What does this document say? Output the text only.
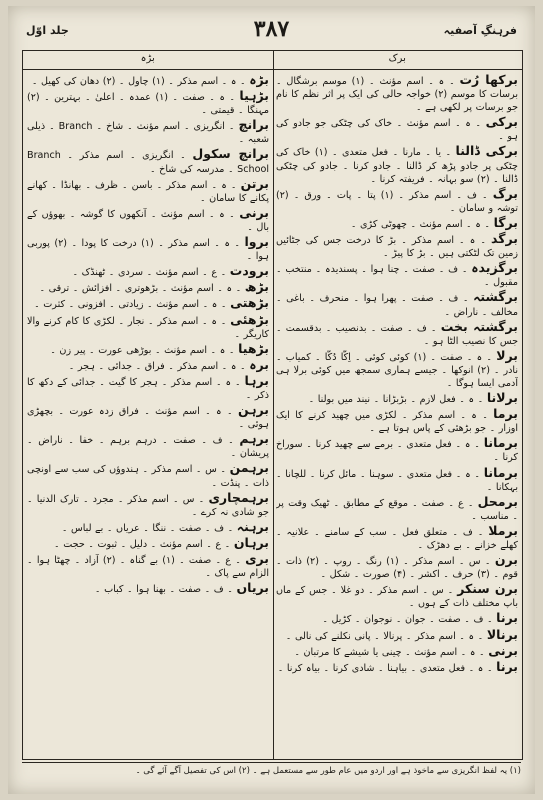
جلد اوّل	۳۸۷	فرہنگِ آصفیہ
برک
بڑہ

برکھا رُت ۔ ہ ۔ اسم مؤنث ۔ (۱) موسم برشگال ۔ برسات کا موسم (۲) خواجہ حالی کی ایک پر اثر نظم کا نام جو برسات پر لکھی ہے ۔

برکی ۔ ہ ۔ اسم مؤنث ۔ خاک کی چٹکی جو جادو کی ہو ۔

برکی ڈالنا ۔ یا ۔ مارنا ۔ فعل متعدی ۔ (۱) خاک کی چٹکی پر جادو پڑھ کر ڈالنا ۔ جادو کرنا ۔ جادو کی چٹکی ڈالنا ۔ (۲) سو بہانہ ۔ فریفتہ کرنا ۔

برگ ۔ ف ۔ اسم مذکر ۔ (۱) پتا ۔ پات ۔ ورق ۔ (۲) توشہ و سامان ۔

برگا ۔ ہ ۔ اسم مؤنث ۔ چھوٹی کڑی ۔

برگد ۔ ہ ۔ اسم مذکر ۔ بڑ کا درخت جس کی جٹائیں زمین تک لٹکتی ہیں ۔ بڑ کا پیڑ ۔

برگزیدہ ۔ ف ۔ صفت ۔ چنا ہوا ۔ پسندیدہ ۔ منتخب ۔ مقبول ۔

برگشتہ ۔ ف ۔ صفت ۔ پھرا ہوا ۔ منحرف ۔ باغی ۔ مخالف ۔ ناراض ۔

برگشتہ بخت ۔ ف ۔ صفت ۔ بدنصیب ۔ بدقسمت ۔ جس کا نصیب الٹا ہو ۔

برلا ۔ ہ ۔ صفت ۔ (۱) کوئی کوئی ۔ اِکّا دُکّا ۔ کمیاب ۔ نادر ۔ (۲) انوکھا ۔ جیسے ہماری سمجھ میں کوئی برلا ہی آدمی ایسا ہوگا ۔

برلانا ۔ ہ ۔ فعل لازم ۔ بڑبڑانا ۔ نیند میں بولنا ۔

برما ۔ ہ ۔ اسم مذکر ۔ لکڑی میں چھید کرنے کا ایک اوزار ۔ جو بڑھئی کے پاس ہوتا ہے ۔

برمانا ۔ ہ ۔ فعل متعدی ۔ برمے سے چھید کرنا ۔ سوراخ کرنا ۔

برمانا ۔ ہ ۔ فعل متعدی ۔ سوہنا ۔ مائل کرنا ۔ للچانا ۔ بہکانا ۔

برمحل ۔ ع ۔ صفت ۔ موقع کے مطابق ۔ ٹھیک وقت پر ۔ مناسب ۔

برملا ۔ ف ۔ متعلق فعل ۔ سب کے سامنے ۔ علانیہ ۔ کھلے خزانے ۔ بے دھڑک ۔

برن ۔ س ۔ اسم مذکر ۔ (۱) رنگ ۔ روپ ۔ (۲) ذات ۔ قوم ۔ (۳) حرف ۔ اکشر ۔ (۴) صورت ۔ شکل ۔

برن سنکر ۔ س ۔ اسم مذکر ۔ دو غلا ۔ جس کے ماں باپ مختلف ذات کے ہوں ۔

برنا ۔ ف ۔ صفت ۔ جوان ۔ نوجوان ۔ کڑیل ۔

برنالا ۔ ہ ۔ اسم مذکر ۔ پرنالا ۔ پانی نکلنے کی نالی ۔

برنی ۔ ہ ۔ اسم مؤنث ۔ چینی یا شیشے کا مرتبان ۔

برنا ۔ ہ ۔ فعل متعدی ۔ بیاہنا ۔ شادی کرنا ۔ بیاہ کرنا ۔

بڑہ ۔ ہ ۔ اسم مذکر ۔ (۱) چاول ۔ (۲) دھان کی کھیل ۔

بڑہیا ۔ ہ ۔ صفت ۔ (۱) عمدہ ۔ اعلیٰ ۔ بہترین ۔ (۲) مہنگا ۔ قیمتی ۔

برانچ ۔ انگریزی ۔ اسم مؤنث ۔ شاخ ۔ Branch ۔ ذیلی شعبہ ۔

برانچ سکول ۔ انگریزی ۔ اسم مذکر ۔ Branch School ۔ مدرسہ کی شاخ ۔

برتن ۔ ہ ۔ اسم مذکر ۔ باسن ۔ ظرف ۔ بھانڈا ۔ کھانے پکانے کا سامان ۔

برنی ۔ ہ ۔ اسم مؤنث ۔ آنکھوں کا گوشہ ۔ بھوؤں کے بال ۔

بروا ۔ ہ ۔ اسم مذکر ۔ (۱) درخت کا پودا ۔ (۲) پوربی ہوا ۔

برودت ۔ ع ۔ اسم مؤنث ۔ سردی ۔ ٹھنڈک ۔

بڑھ ۔ ہ ۔ اسم مؤنث ۔ بڑھوتری ۔ افزائش ۔ ترقی ۔

بڑھتی ۔ ہ ۔ اسم مؤنث ۔ زیادتی ۔ افزونی ۔ کثرت ۔

بڑھئی ۔ ہ ۔ اسم مذکر ۔ نجار ۔ لکڑی کا کام کرنے والا کاریگر ۔

بڑھیا ۔ ہ ۔ اسم مؤنث ۔ بوڑھی عورت ۔ پیر زن ۔

برہ ۔ ہ ۔ اسم مذکر ۔ فراق ۔ جدائی ۔ ہجر ۔

برہا ۔ ہ ۔ اسم مذکر ۔ ہجر کا گیت ۔ جدائی کے دکھ کا ذکر ۔

برہن ۔ ہ ۔ اسم مؤنث ۔ فراق زدہ عورت ۔ بچھڑی ہوئی ۔

برہم ۔ ف ۔ صفت ۔ درہم برہم ۔ خفا ۔ ناراض ۔ پریشان ۔

برہمن ۔ س ۔ اسم مذکر ۔ ہندوؤں کی سب سے اونچی ذات ۔ پنڈت ۔

برہمچاری ۔ س ۔ اسم مذکر ۔ مجرد ۔ تارک الدنیا ۔ جو شادی نہ کرے ۔

برہنہ ۔ ف ۔ صفت ۔ ننگا ۔ عریاں ۔ بے لباس ۔

برہان ۔ ع ۔ اسم مؤنث ۔ دلیل ۔ ثبوت ۔ حجت ۔

بری ۔ ع ۔ صفت ۔ (۱) بے گناہ ۔ (۲) آزاد ۔ چھٹا ہوا ۔ الزام سے پاک ۔

بریاں ۔ ف ۔ صفت ۔ بھنا ہوا ۔ کباب ۔

(۱) یہ لفظ انگریزی سے ماخوذ ہے اور اردو میں عام طور سے مستعمل ہے ۔ (۲) اس کی تفصیل آگے آئے گی ۔
